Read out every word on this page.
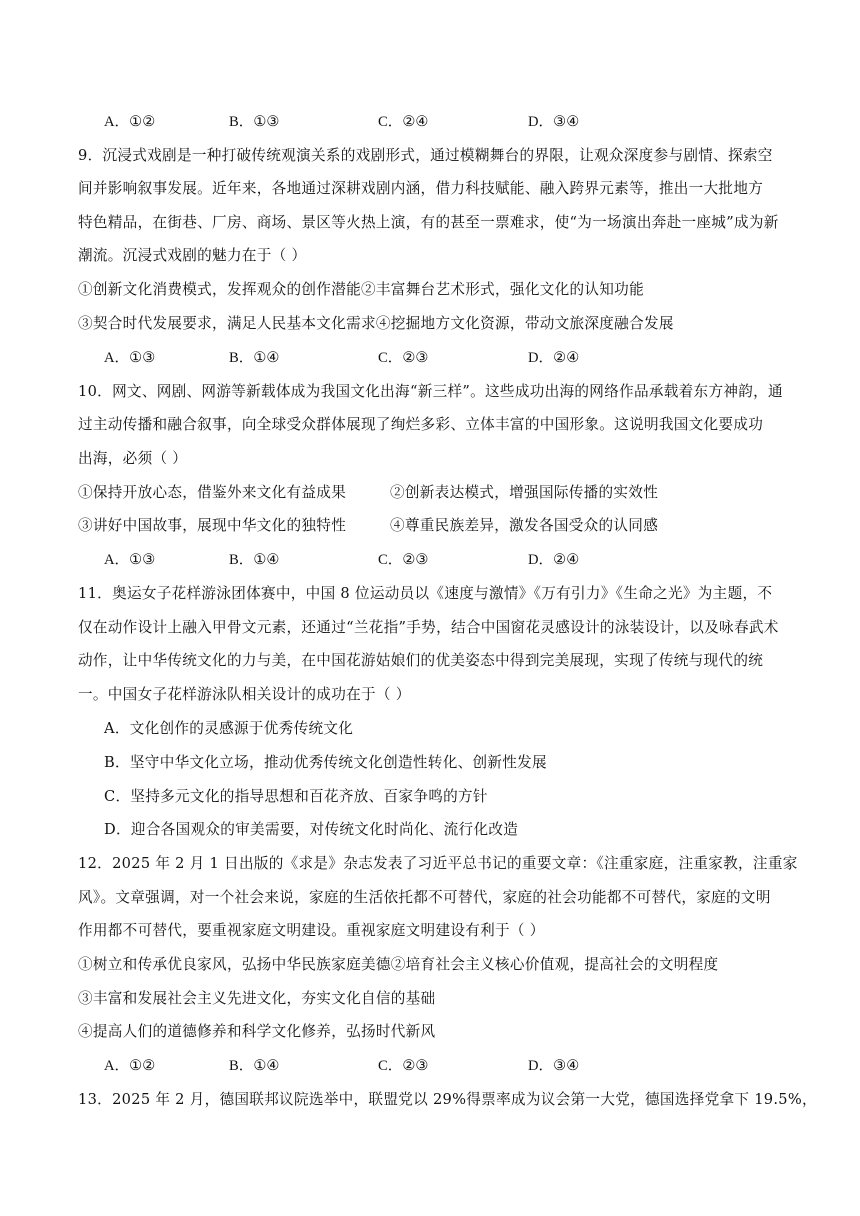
A．①②	B．①③	C．②④	D．③④
9．沉浸式戏剧是一种打破传统观演关系的戏剧形式，通过模糊舞台的界限，让观众深度参与剧情、探索空
间并影响叙事发展。近年来，各地通过深耕戏剧内涵，借力科技赋能、融入跨界元素等，推出一大批地方
特色精品，在街巷、厂房、商场、景区等火热上演，有的甚至一票难求，使“为一场演出奔赴一座城”成为新
潮流。沉浸式戏剧的魅力在于（ ）
①创新文化消费模式，发挥观众的创作潜能②丰富舞台艺术形式，强化文化的认知功能
③契合时代发展要求，满足人民基本文化需求④挖掘地方文化资源，带动文旅深度融合发展
A．①③	B．①④	C．②③	D．②④
10．网文、网剧、网游等新载体成为我国文化出海“新三样”。这些成功出海的网络作品承载着东方神韵，通
过主动传播和融合叙事，向全球受众群体展现了绚烂多彩、立体丰富的中国形象。这说明我国文化要成功
出海，必须（ ）
①保持开放心态，借鉴外来文化有益成果	②创新表达模式，增强国际传播的实效性
③讲好中国故事，展现中华文化的独特性	④尊重民族差异，激发各国受众的认同感
A．①③	B．①④	C．②③	D．②④
11．奥运女子花样游泳团体赛中，中国 8 位运动员以《速度与激情》《万有引力》《生命之光》为主题，不
仅在动作设计上融入甲骨文元素，还通过“兰花指”手势，结合中国窗花灵感设计的泳装设计，以及咏春武术
动作，让中华传统文化的力与美，在中国花游姑娘们的优美姿态中得到完美展现，实现了传统与现代的统
一。中国女子花样游泳队相关设计的成功在于（ ）
A．文化创作的灵感源于优秀传统文化
B．坚守中华文化立场，推动优秀传统文化创造性转化、创新性发展
C．坚持多元文化的指导思想和百花齐放、百家争鸣的方针
D．迎合各国观众的审美需要，对传统文化时尚化、流行化改造
12．2025 年 2 月 1 日出版的《求是》杂志发表了习近平总书记的重要文章：《注重家庭，注重家教，注重家
风》。文章强调，对一个社会来说，家庭的生活依托都不可替代，家庭的社会功能都不可替代，家庭的文明
作用都不可替代，要重视家庭文明建设。重视家庭文明建设有利于（ ）
①树立和传承优良家风，弘扬中华民族家庭美德②培育社会主义核心价值观，提高社会的文明程度
③丰富和发展社会主义先进文化，夯实文化自信的基础
④提高人们的道德修养和科学文化修养，弘扬时代新风
A．①②	B．①④	C．②③	D．③④
13．2025 年 2 月，德国联邦议院选举中，联盟党以 29%得票率成为议会第一大党，德国选择党拿下 19.5%，
